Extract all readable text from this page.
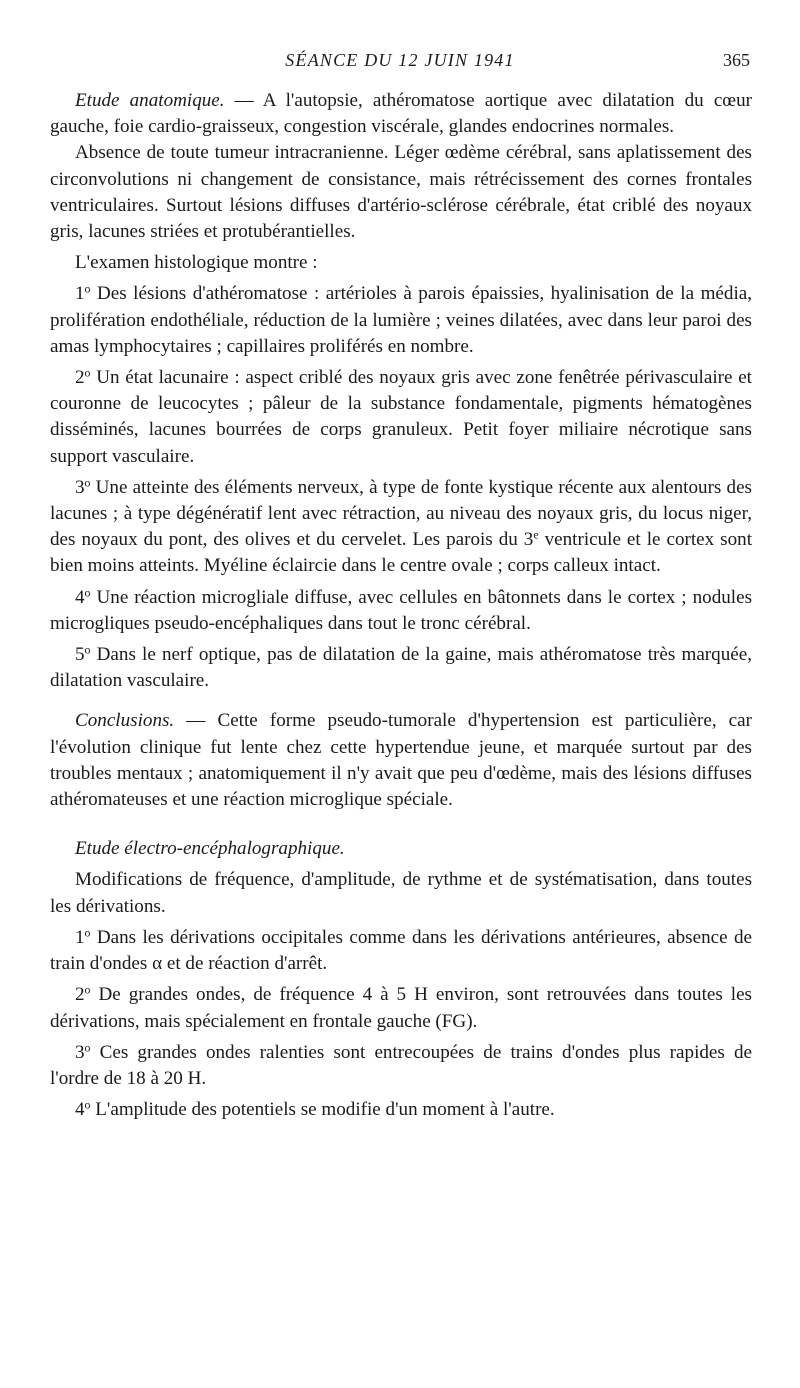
SÉANCE DU 12 JUIN 1941	365

Etude anatomique. — A l'autopsie, athéromatose aortique avec dilatation du cœur gauche, foie cardio-graisseux, congestion viscérale, glandes endocrines normales.

Absence de toute tumeur intracranienne. Léger œdème cérébral, sans aplatissement des circonvolutions ni changement de consistance, mais rétrécissement des cornes frontales ventriculaires. Surtout lésions diffuses d'artério-sclérose cérébrale, état criblé des noyaux gris, lacunes striées et protubérantielles.

L'examen histologique montre :

1$^o$ Des lésions d'athéromatose : artérioles à parois épaissies, hyalinisation de la média, prolifération endothéliale, réduction de la lumière ; veines dilatées, avec dans leur paroi des amas lymphocytaires ; capillaires proliférés en nombre.

2$^o$ Un état lacunaire : aspect criblé des noyaux gris avec zone fenêtrée périvasculaire et couronne de leucocytes ; pâleur de la substance fondamentale, pigments hématogènes disséminés, lacunes bourrées de corps granuleux. Petit foyer miliaire nécrotique sans support vasculaire.

3$^o$ Une atteinte des éléments nerveux, à type de fonte kystique récente aux alentours des lacunes ; à type dégénératif lent avec rétraction, au niveau des noyaux gris, du locus niger, des noyaux du pont, des olives et du cervelet. Les parois du 3e ventricule et le cortex sont bien moins atteints. Myéline éclaircie dans le centre ovale ; corps calleux intact.

4$^o$ Une réaction microgliale diffuse, avec cellules en bâtonnets dans le cortex ; nodules microgliques pseudo-encéphaliques dans tout le tronc cérébral.

5$^o$ Dans le nerf optique, pas de dilatation de la gaine, mais athéromatose très marquée, dilatation vasculaire.

Conclusions. — Cette forme pseudo-tumorale d'hypertension est particulière, car l'évolution clinique fut lente chez cette hypertendue jeune, et marquée surtout par des troubles mentaux ; anatomiquement il n'y avait que peu d'œdème, mais des lésions diffuses athéromateuses et une réaction microglique spéciale.

Etude électro-encéphalographique.

Modifications de fréquence, d'amplitude, de rythme et de systématisation, dans toutes les dérivations.

1$^o$ Dans les dérivations occipitales comme dans les dérivations antérieures, absence de train d'ondes α et de réaction d'arrêt.

2$^o$ De grandes ondes, de fréquence 4 à 5 H environ, sont retrouvées dans toutes les dérivations, mais spécialement en frontale gauche (FG).

3$^o$ Ces grandes ondes ralenties sont entrecoupées de trains d'ondes plus rapides de l'ordre de 18 à 20 H.

4$^o$ L'amplitude des potentiels se modifie d'un moment à l'autre.
